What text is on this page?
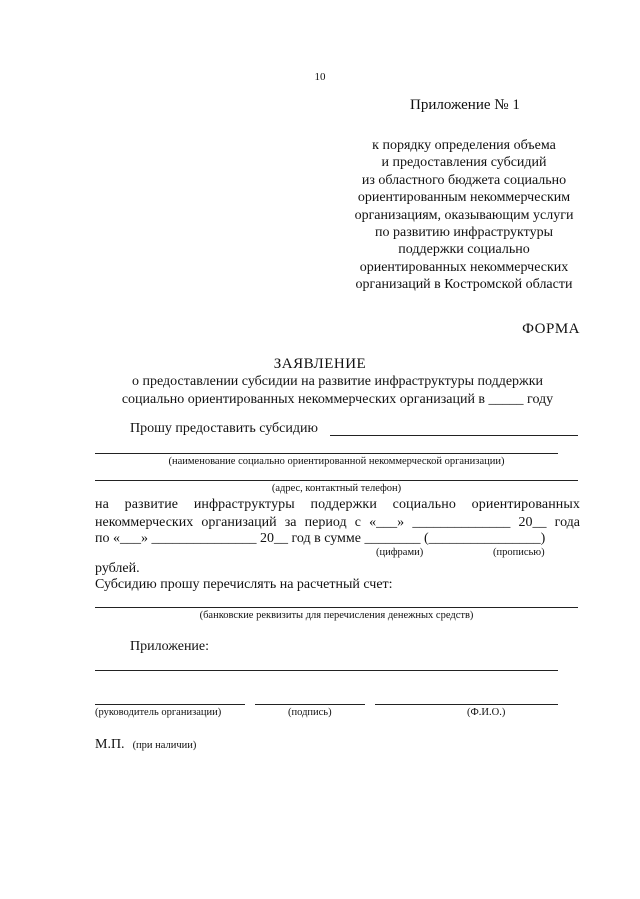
10
Приложение № 1
к порядку определения объема
и предоставления субсидий
из областного бюджета социально
ориентированным некоммерческим
организациям, оказывающим услуги
по развитию инфраструктуры
поддержки социально
ориентированных некоммерческих
организаций в Костромской области
ФОРМА
ЗАЯВЛЕНИЕ
о предоставлении субсидии на развитие инфраструктуры поддержки
социально ориентированных некоммерческих организаций в _____ году
Прошу предоставить субсидию
(наименование социально ориентированной некоммерческой организации)
(адрес, контактный телефон)
на развитие инфраструктуры поддержки социально ориентированных
некоммерческих организаций за период с «___» ______________ 20__ года
по «___» _______________ 20__ год в сумме ________ (________________)
(цифрами)	(прописью)
рублей.
Субсидию прошу перечислять на расчетный счет:
(банковские реквизиты для перечисления денежных средств)
Приложение:
(руководитель организации)	(подпись)	(Ф.И.О.)
М.П. (при наличии)
